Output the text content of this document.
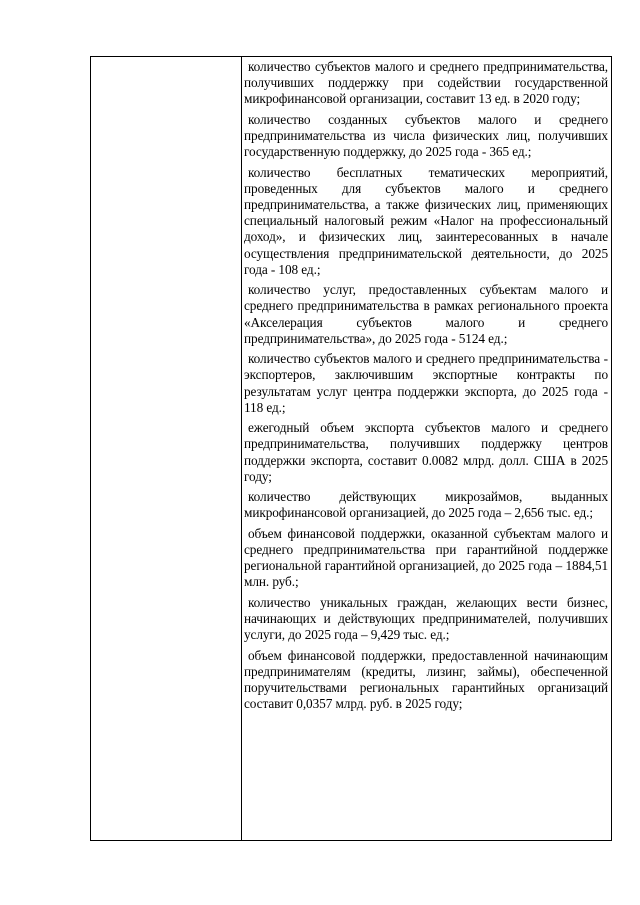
количество субъектов малого и среднего предпринимательства, получивших поддержку при содействии государственной микрофинансовой организации, составит 13 ед. в 2020 году;

количество созданных субъектов малого и среднего предпринимательства из числа физических лиц, получивших государственную поддержку, до 2025 года - 365 ед.;

количество бесплатных тематических мероприятий, проведенных для субъектов малого и среднего предпринимательства, а также физических лиц, применяющих специальный налоговый режим «Налог на профессиональный доход», и физических лиц, заинтересованных в начале осуществления предпринимательской деятельности, до 2025 года - 108 ед.;

количество услуг, предоставленных субъектам малого и среднего предпринимательства в рамках регионального проекта «Акселерация субъектов малого и среднего предпринимательства», до 2025 года - 5124 ед.;

количество субъектов малого и среднего предпринимательства - экспортеров, заключившим экспортные контракты по результатам услуг центра поддержки экспорта, до 2025 года - 118 ед.;

ежегодный объем экспорта субъектов малого и среднего предпринимательства, получивших поддержку центров поддержки экспорта, составит 0.0082 млрд. долл. США в 2025 году;

количество действующих микрозаймов, выданных микрофинансовой организацией, до 2025 года – 2,656 тыс. ед.;

объем финансовой поддержки, оказанной субъектам малого и среднего предпринимательства при гарантийной поддержке региональной гарантийной организацией, до 2025 года – 1884,51 млн. руб.;

количество уникальных граждан, желающих вести бизнес, начинающих и действующих предпринимателей, получивших услуги, до 2025 года – 9,429 тыс. ед.;

объем финансовой поддержки, предоставленной начинающим предпринимателям (кредиты, лизинг, займы), обеспеченной поручительствами региональных гарантийных организаций составит 0,0357 млрд. руб. в 2025 году;
